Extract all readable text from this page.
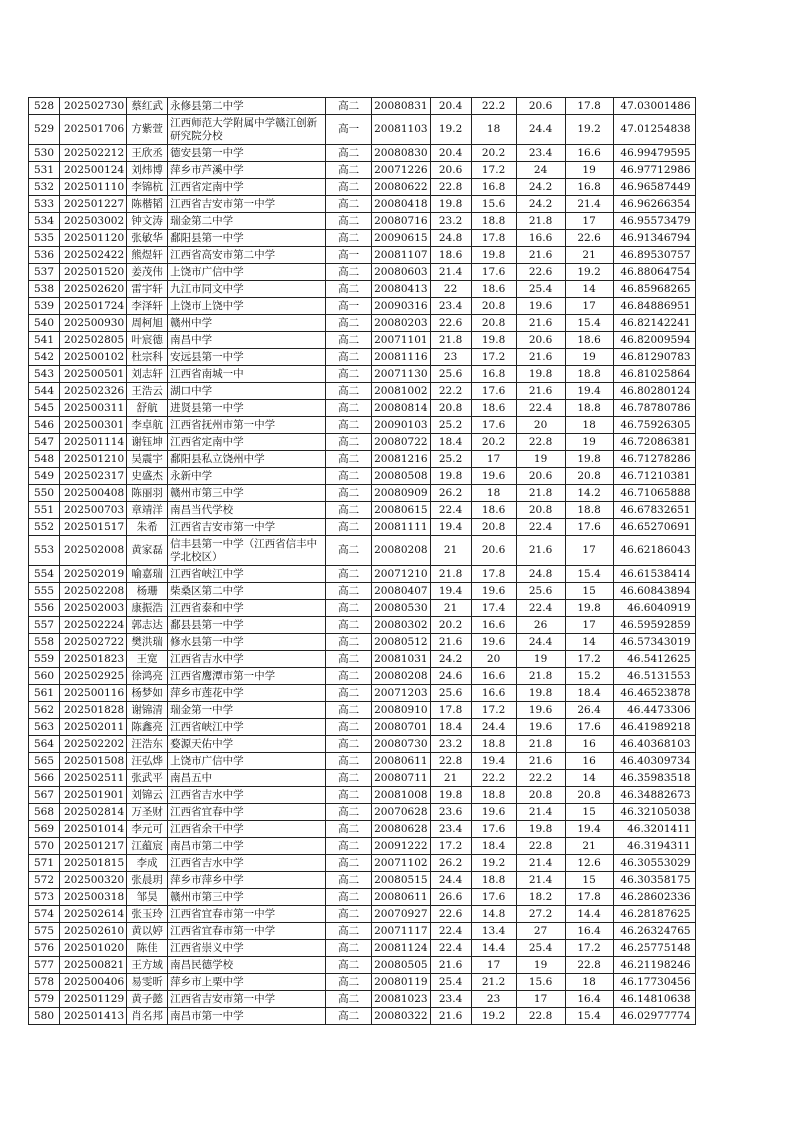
528	202502730	蔡红武	永修县第二中学	高二	20080831	20.4	22.2	20.6	17.8	47.03001486
529	202501706	方紫萱	江西师范大学附属中学赣江创新研究院分校	高一	20081103	19.2	18	24.4	19.2	47.01254838
530	202502212	王欣丞	德安县第一中学	高二	20080830	20.4	20.2	23.4	16.6	46.99479595
531	202500124	刘炜博	萍乡市芦溪中学	高二	20071226	20.6	17.2	24	19	46.97712986
532	202501110	李锦杭	江西省定南中学	高二	20080622	22.8	16.8	24.2	16.8	46.96587449
533	202501227	陈楷韬	江西省吉安市第一中学	高二	20080418	19.8	15.6	24.2	21.4	46.96266354
534	202503002	钟文涛	瑞金第二中学	高二	20080716	23.2	18.8	21.8	17	46.95573479
535	202501120	张敏华	鄱阳县第一中学	高二	20090615	24.8	17.8	16.6	22.6	46.91346794
536	202502422	熊煜轩	江西省高安市第二中学	高一	20081107	18.6	19.8	21.6	21	46.89530757
537	202501520	姜茂伟	上饶市广信中学	高二	20080603	21.4	17.6	22.6	19.2	46.88064754
538	202502620	雷宇轩	九江市同文中学	高二	20080413	22	18.6	25.4	14	46.85968265
539	202501724	李泽轩	上饶市上饶中学	高一	20090316	23.4	20.8	19.6	17	46.84886951
540	202500930	周柯旭	赣州中学	高二	20080203	22.6	20.8	21.6	15.4	46.82142241
541	202502805	叶宸德	南昌中学	高二	20071101	21.8	19.8	20.6	18.6	46.82009594
542	202500102	杜宗科	安远县第一中学	高二	20081116	23	17.2	21.6	19	46.81290783
543	202500501	刘志轩	江西省南城一中	高二	20071130	25.6	16.8	19.8	18.8	46.81025864
544	202502326	王浩云	湖口中学	高二	20081002	22.2	17.6	21.6	19.4	46.80280124
545	202500311	舒航	进贤县第一中学	高二	20080814	20.8	18.6	22.4	18.8	46.78780786
546	202500301	李卓航	江西省抚州市第一中学	高二	20090103	25.2	17.6	20	18	46.75926305
547	202501114	谢钰坤	江西省定南中学	高二	20080722	18.4	20.2	22.8	19	46.72086381
548	202501210	吴震宇	鄱阳县私立饶州中学	高二	20081216	25.2	17	19	19.8	46.71278286
549	202502317	史盛杰	永新中学	高二	20080508	19.8	19.6	20.6	20.8	46.71210381
550	202500408	陈丽羽	赣州市第三中学	高二	20080909	26.2	18	21.8	14.2	46.71065888
551	202500703	章靖洋	南昌当代学校	高二	20080615	22.4	18.6	20.8	18.8	46.67832651
552	202501517	朱希	江西省吉安市第一中学	高二	20081111	19.4	20.8	22.4	17.6	46.65270691
553	202502008	黄家磊	信丰县第一中学（江西省信丰中学北校区）	高二	20080208	21	20.6	21.6	17	46.62186043
554	202502019	喻嘉瑞	江西省峡江中学	高二	20071210	21.8	17.8	24.8	15.4	46.61538414
555	202502208	杨珊	柴桑区第二中学	高二	20080407	19.4	19.6	25.6	15	46.60843894
556	202502003	康振浩	江西省泰和中学	高二	20080530	21	17.4	22.4	19.8	46.6040919
557	202502224	郭志达	鄱县县第一中学	高二	20080302	20.2	16.6	26	17	46.59592859
558	202502722	樊洪瑞	修水县第一中学	高二	20080512	21.6	19.6	24.4	14	46.57343019
559	202501823	王宽	江西省吉水中学	高二	20081031	24.2	20	19	17.2	46.5412625
560	202502925	徐鸿亮	江西省鹰潭市第一中学	高二	20080208	24.6	16.6	21.8	15.2	46.5131553
561	202500116	杨梦如	萍乡市莲花中学	高二	20071203	25.6	16.6	19.8	18.4	46.46523878
562	202501828	谢锦清	瑞金第一中学	高二	20080910	17.8	17.2	19.6	26.4	46.4473306
563	202502011	陈鑫亮	江西省峡江中学	高二	20080701	18.4	24.4	19.6	17.6	46.41989218
564	202502202	汪浩东	婺源天佑中学	高二	20080730	23.2	18.8	21.8	16	46.40368103
565	202501508	汪弘烨	上饶市广信中学	高二	20080611	22.8	19.4	21.6	16	46.40309734
566	202502511	张武平	南昌五中	高二	20080711	21	22.2	22.2	14	46.35983518
567	202501901	刘锦云	江西省吉水中学	高二	20081008	19.8	18.8	20.8	20.8	46.34882673
568	202502814	万圣财	江西省宜春中学	高二	20070628	23.6	19.6	21.4	15	46.32105038
569	202501014	李元可	江西省余干中学	高二	20080628	23.4	17.6	19.8	19.4	46.3201411
570	202501217	江蕴宸	南昌市第二中学	高二	20091222	17.2	18.4	22.8	21	46.3194311
571	202501815	李成	江西省吉水中学	高二	20071102	26.2	19.2	21.4	12.6	46.30553029
572	202500320	张晨玥	萍乡市萍乡中学	高二	20080515	24.4	18.8	21.4	15	46.30358175
573	202500318	邹昊	赣州市第三中学	高二	20080611	26.6	17.6	18.2	17.8	46.28602336
574	202502614	张玉玲	江西省宜春市第一中学	高二	20070927	22.6	14.8	27.2	14.4	46.28187625
575	202502610	黄以婷	江西省宜春市第一中学	高二	20071117	22.4	13.4	27	16.4	46.26324765
576	202501020	陈佳	江西省崇义中学	高二	20081124	22.4	14.4	25.4	17.2	46.25775148
577	202500821	王方域	南昌民德学校	高二	20080505	21.6	17	19	22.8	46.21198246
578	202500406	易雯昕	萍乡市上栗中学	高二	20080119	25.4	21.2	15.6	18	46.17730456
579	202501129	黄子懿	江西省吉安市第一中学	高二	20081023	23.4	23	17	16.4	46.14810638
580	202501413	肖名邦	南昌市第一中学	高二	20080322	21.6	19.2	22.8	15.4	46.02977774
